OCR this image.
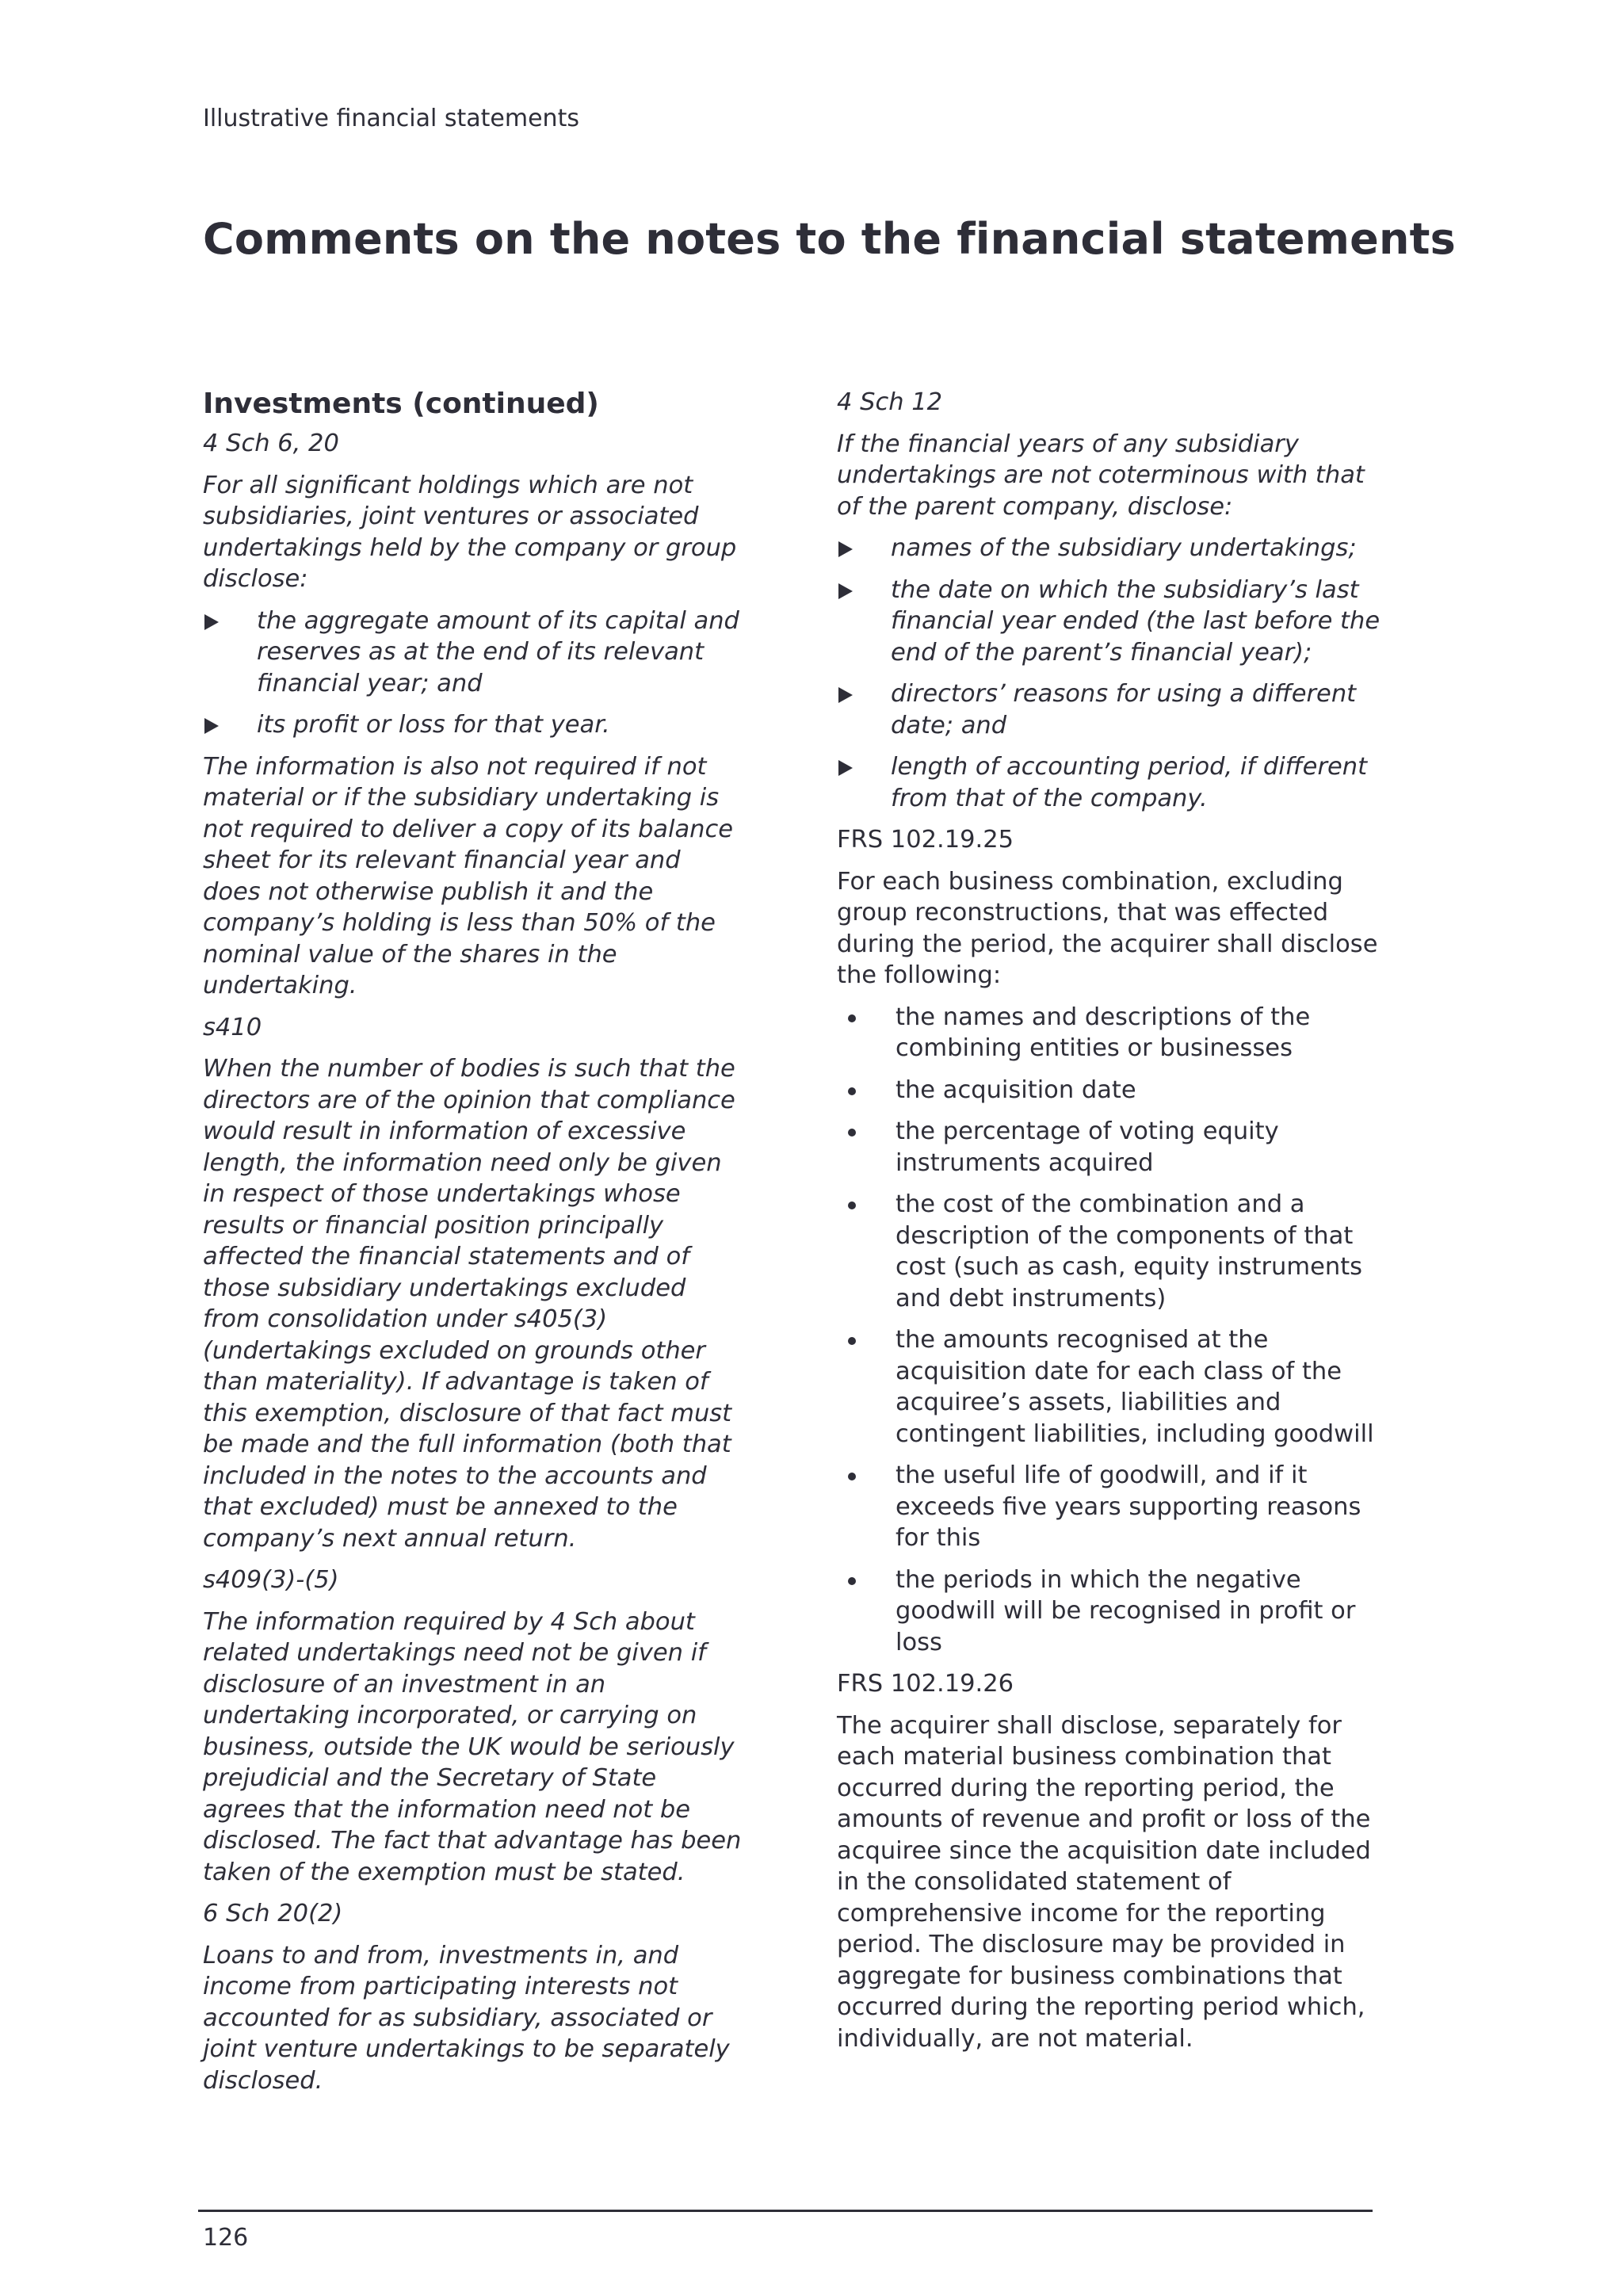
Illustrative financial statements
Comments on the notes to the financial statements
Investments (continued)
4 Sch 6, 20

For all significant holdings which are not subsidiaries, joint ventures or associated undertakings held by the company or group disclose:

the aggregate amount of its capital and reserves as at the end of its relevant financial year; and
its profit or loss for that year.

The information is also not required if not material or if the subsidiary undertaking is not required to deliver a copy of its balance sheet for its relevant financial year and does not otherwise publish it and the company’s holding is less than 50% of the nominal value of the shares in the undertaking.

s410

When the number of bodies is such that the directors are of the opinion that compliance would result in information of excessive length, the information need only be given in respect of those undertakings whose results or financial position principally affected the financial statements and of those subsidiary undertakings excluded from consolidation under s405(3)(undertakings excluded on grounds other than materiality). If advantage is taken of this exemption, disclosure of that fact must be made and the full information (both that included in the notes to the accounts and that excluded) must be annexed to the company’s next annual return.

s409(3)-(5)

The information required by 4 Sch about related undertakings need not be given if disclosure of an investment in an undertaking incorporated, or carrying on business, outside the UK would be seriously prejudicial and the Secretary of State agrees that the information need not be disclosed. The fact that advantage has been taken of the exemption must be stated.

6 Sch 20(2)

Loans to and from, investments in, and income from participating interests not accounted for as subsidiary, associated or joint venture undertakings to be separately disclosed.

4 Sch 12

If the financial years of any subsidiary undertakings are not coterminous with that of the parent company, disclose:

names of the subsidiary undertakings;
the date on which the subsidiary’s last financial year ended (the last before the end of the parent’s financial year);
directors’ reasons for using a different date; and
length of accounting period, if different from that of the company.
FRS 102.19.25

For each business combination, excluding group reconstructions, that was effected during the period, the acquirer shall disclose the following:

the names and descriptions of the combining entities or businesses
the acquisition date
the percentage of voting equity instruments acquired
the cost of the combination and a description of the components of that cost (such as cash, equity instruments and debt instruments)
the amounts recognised at the acquisition date for each class of the acquiree’s assets, liabilities and contingent liabilities, including goodwill
the useful life of goodwill, and if it exceeds five years supporting reasons for this
the periods in which the negative goodwill will be recognised in profit or loss
FRS 102.19.26

The acquirer shall disclose, separately for each material business combination that occurred during the reporting period, the amounts of revenue and profit or loss of the acquiree since the acquisition date included in the consolidated statement of comprehensive income for the reporting period. The disclosure may be provided in aggregate for business combinations that occurred during the reporting period which, individually, are not material.

126
